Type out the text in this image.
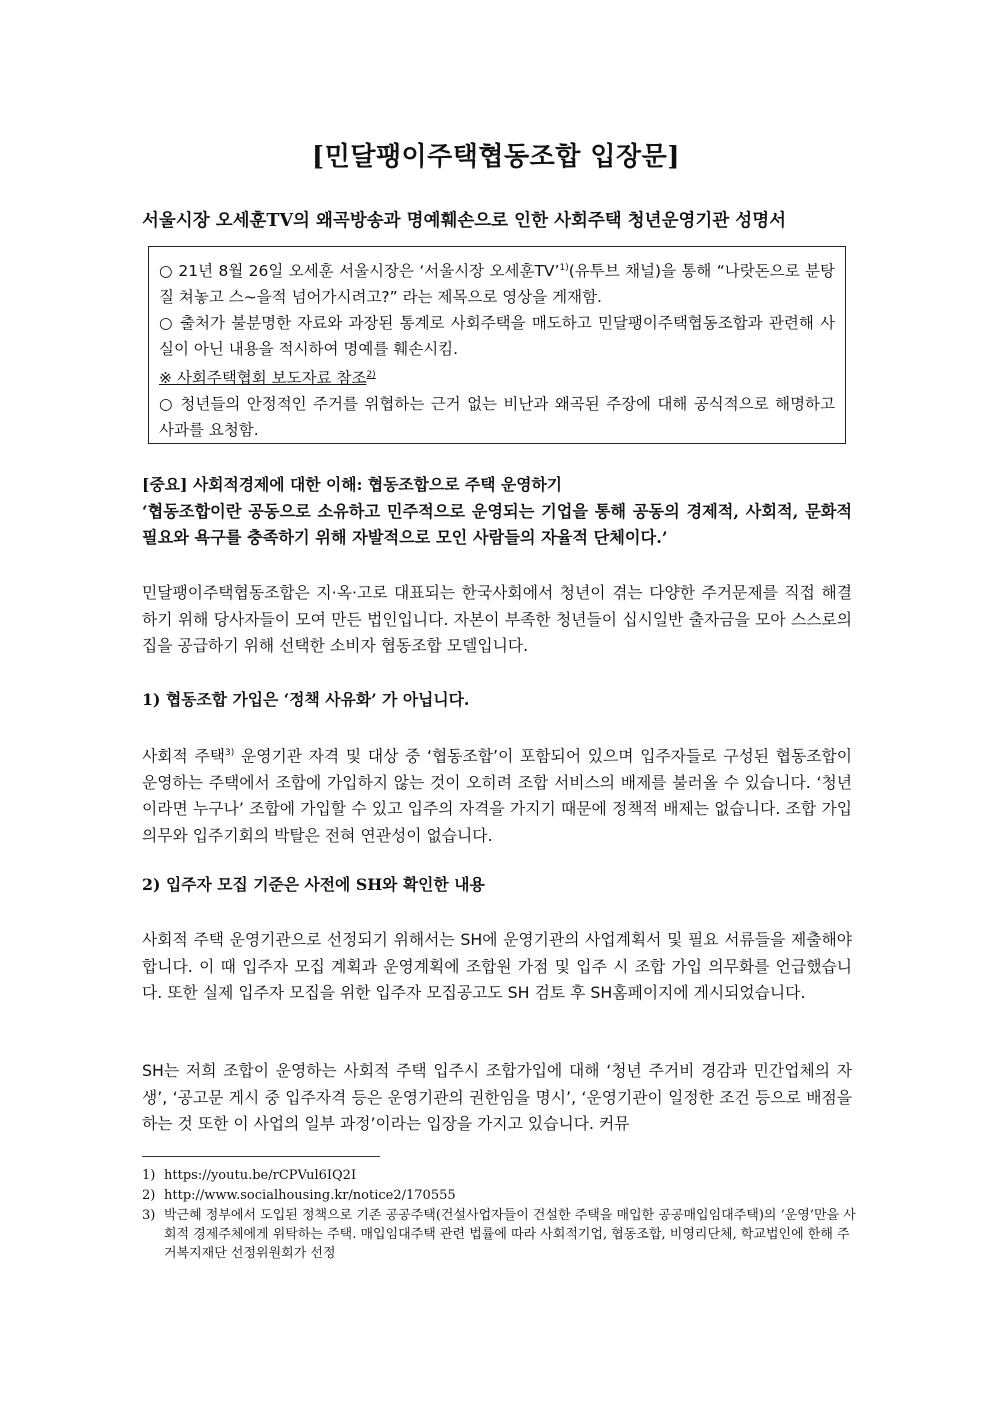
[민달팽이주택협동조합 입장문]
서울시장 오세훈TV의 왜곡방송과 명예훼손으로 인한 사회주택 청년운영기관 성명서

○ 21년 8월 26일 오세훈 서울시장은 ‘서울시장 오세훈TV’$^{1)}$(유투브 채널)을 통해 “나랏돈으로 분탕질 쳐놓고 스~을적 넘어가시려고?” 라는 제목으로 영상을 게재함.

○ 출처가 불분명한 자료와 과장된 통계로 사회주택을 매도하고 민달팽이주택협동조합과 관련해 사실이 아닌 내용을 적시하여 명예를 훼손시킴.

※ 사회주택협회 보도자료 참조$^{2)}$

○ 청년들의 안정적인 주거를 위협하는 근거 없는 비난과 왜곡된 주장에 대해 공식적으로 해명하고 사과를 요청함.

[중요] 사회적경제에 대한 이해: 협동조합으로 주택 운영하기

‘협동조합이란 공동으로 소유하고 민주적으로 운영되는 기업을 통해 공동의 경제적, 사회적, 문화적 필요와 욕구를 충족하기 위해 자발적으로 모인 사람들의 자율적 단체이다.’

민달팽이주택협동조합은 지·옥·고로 대표되는 한국사회에서 청년이 겪는 다양한 주거문제를 직접 해결하기 위해 당사자들이 모여 만든 법인입니다. 자본이 부족한 청년들이 십시일반 출자금을 모아 스스로의 집을 공급하기 위해 선택한 소비자 협동조합 모델입니다.
1) 협동조합 가입은 ‘정책 사유화’ 가 아닙니다.
사회적 주택$^{3)}$ 운영기관 자격 및 대상 중 ‘협동조합’이 포함되어 있으며 입주자들로 구성된 협동조합이 운영하는 주택에서 조합에 가입하지 않는 것이 오히려 조합 서비스의 배제를 불러올 수 있습니다. ‘청년이라면 누구나’ 조합에 가입할 수 있고 입주의 자격을 가지기 때문에 정책적 배제는 없습니다. 조합 가입 의무와 입주기회의 박탈은 전혀 연관성이 없습니다.
2) 입주자 모집 기준은 사전에 SH와 확인한 내용
사회적 주택 운영기관으로 선정되기 위해서는 SH에 운영기관의 사업계획서 및 필요 서류들을 제출해야 합니다. 이 때 입주자 모집 계획과 운영계획에 조합원 가점 및 입주 시 조합 가입 의무화를 언급했습니다. 또한 실제 입주자 모집을 위한 입주자 모집공고도 SH 검토 후 SH홈페이지에 게시되었습니다.
SH는 저희 조합이 운영하는 사회적 주택 입주시 조합가입에 대해 ‘청년 주거비 경감과 민간업체의 자생’, ‘공고문 게시 중 입주자격 등은 운영기관의 권한임을 명시’, ‘운영기관이 일정한 조건 등으로 배점을 하는 것 또한 이 사업의 일부 과정’이라는 입장을 가지고 있습니다. 커뮤
1) https://youtu.be/rCPVul6IQ2I
2) http://www.socialhousing.kr/notice2/170555
3) 박근혜 정부에서 도입된 정책으로 기존 공공주택(건설사업자들이 건설한 주택을 매입한 공공매입임대주택)의 ‘운영’만을 사회적 경제주체에게 위탁하는 주택. 매입임대주택 관련 법률에 따라 사회적기업, 협동조합, 비영리단체, 학교법인에 한해 주거복지재단 선정위원회가 선정
